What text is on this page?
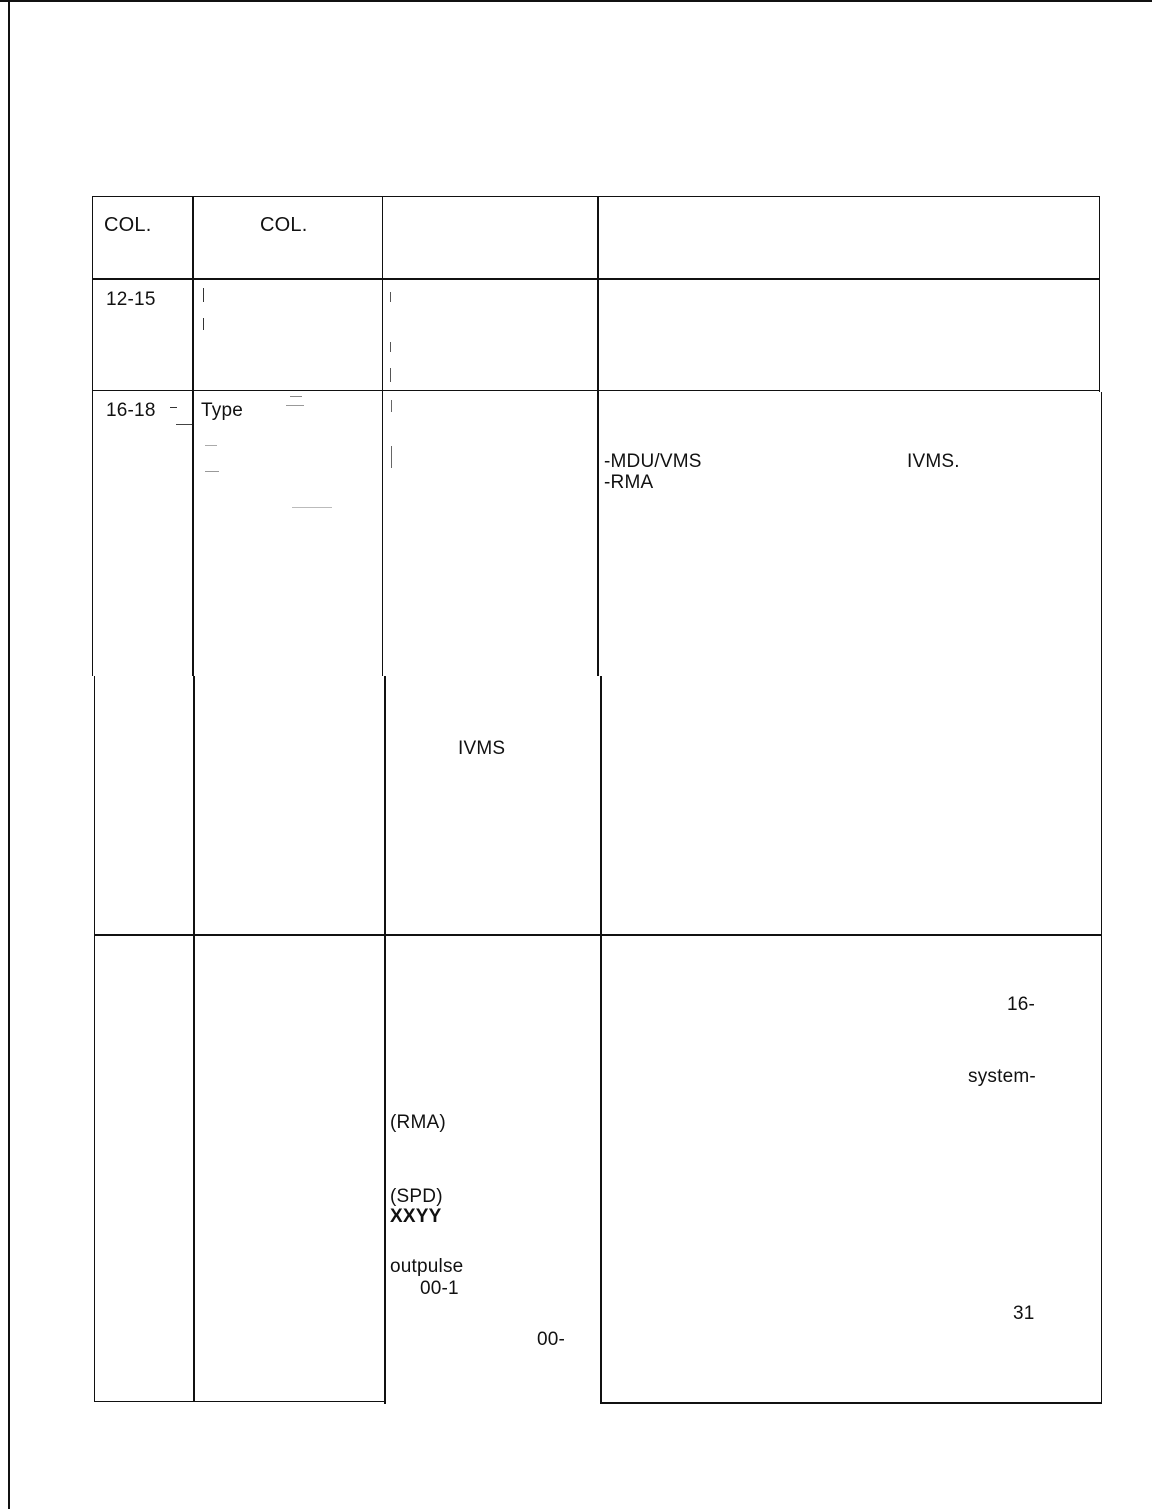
COL.	COL.
12-15
16-18 Type
-MDU/VMS	IVMS.
-RMA
IVMS
(RMA)
(SPD)
XXYY
outpulse
00-1
00-
16-
system-
31
